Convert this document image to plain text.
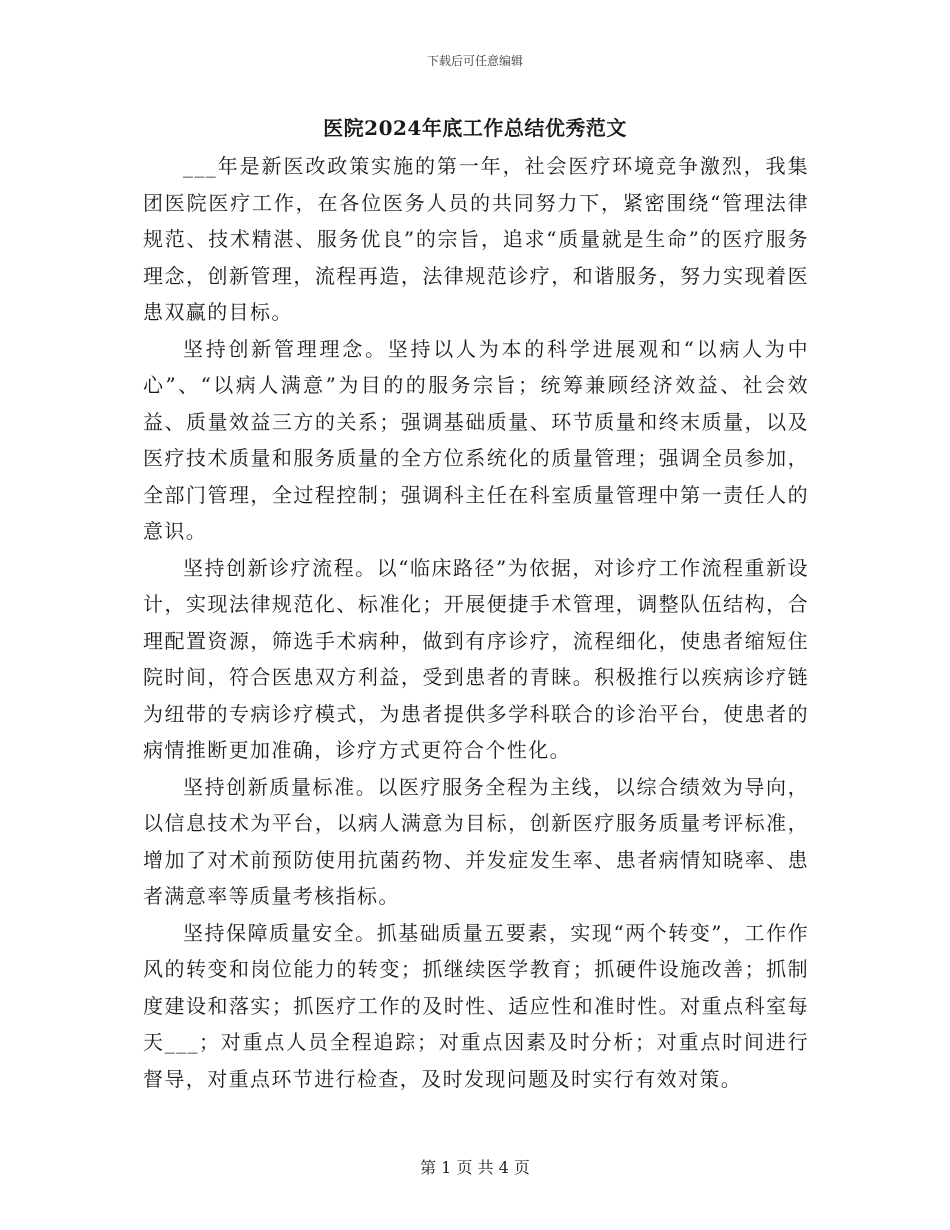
下载后可任意编辑
医院2024年底工作总结优秀范文

___年是新医改政策实施的第一年，社会医疗环境竞争激烈，我集团医院医疗工作，在各位医务人员的共同努力下，紧密围绕“管理法律规范、技术精湛、服务优良”的宗旨，追求“质量就是生命”的医疗服务理念，创新管理，流程再造，法律规范诊疗，和谐服务，努力实现着医患双赢的目标。

坚持创新管理理念。坚持以人为本的科学进展观和“以病人为中心”、“以病人满意”为目的的服务宗旨；统筹兼顾经济效益、社会效益、质量效益三方的关系；强调基础质量、环节质量和终末质量，以及医疗技术质量和服务质量的全方位系统化的质量管理；强调全员参加，全部门管理，全过程控制；强调科主任在科室质量管理中第一责任人的意识。

坚持创新诊疗流程。以“临床路径”为依据，对诊疗工作流程重新设计，实现法律规范化、标准化；开展便捷手术管理，调整队伍结构，合理配置资源，筛选手术病种，做到有序诊疗，流程细化，使患者缩短住院时间，符合医患双方利益，受到患者的青睐。积极推行以疾病诊疗链为纽带的专病诊疗模式，为患者提供多学科联合的诊治平台，使患者的病情推断更加准确，诊疗方式更符合个性化。

坚持创新质量标准。以医疗服务全程为主线，以综合绩效为导向，以信息技术为平台，以病人满意为目标，创新医疗服务质量考评标准，增加了对术前预防使用抗菌药物、并发症发生率、患者病情知晓率、患者满意率等质量考核指标。

坚持保障质量安全。抓基础质量五要素，实现“两个转变”，工作作风的转变和岗位能力的转变；抓继续医学教育；抓硬件设施改善；抓制度建设和落实；抓医疗工作的及时性、适应性和准时性。对重点科室每天___；对重点人员全程追踪；对重点因素及时分析；对重点时间进行督导，对重点环节进行检查，及时发现问题及时实行有效对策。

第 1 页 共 4 页
